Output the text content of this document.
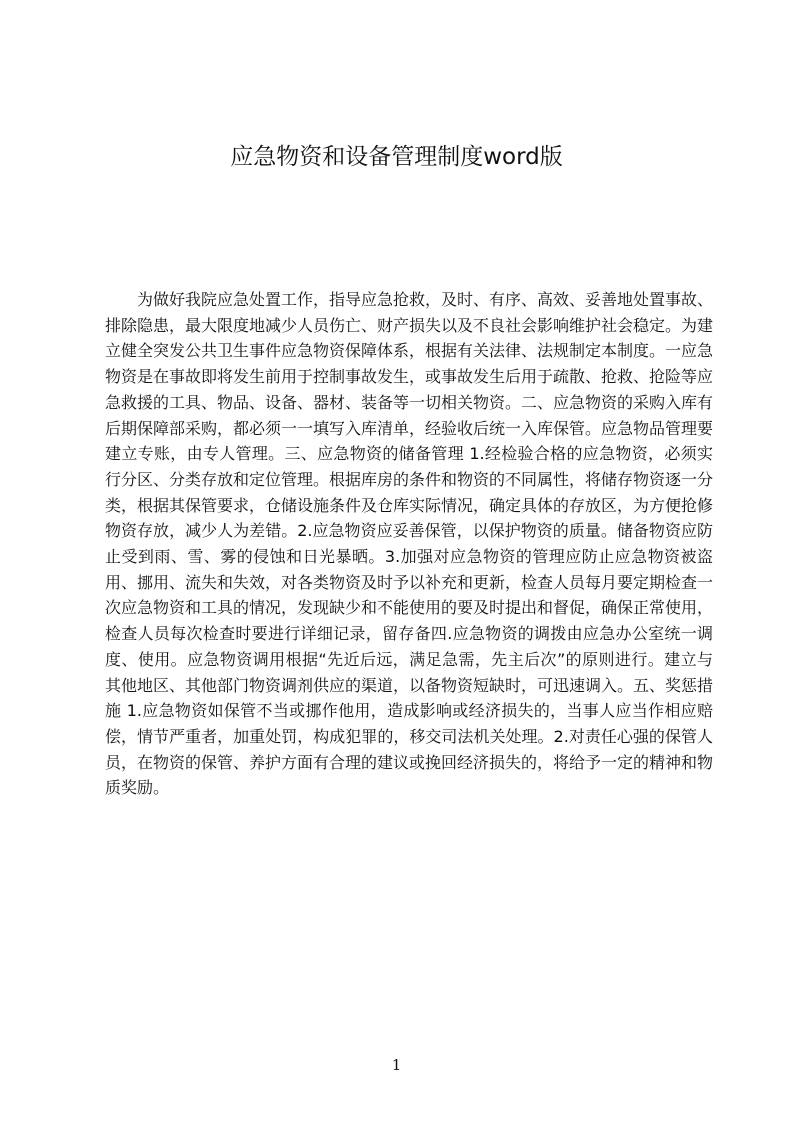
应急物资和设备管理制度word版

为做好我院应急处置工作，指导应急抢救，及时、有序、高效、妥善地处置事故、排除隐患，最大限度地减少人员伤亡、财产损失以及不良社会影响维护社会稳定。为建立健全突发公共卫生事件应急物资保障体系，根据有关法律、法规制定本制度。一应急物资是在事故即将发生前用于控制事故发生，或事故发生后用于疏散、抢救、抢险等应急救援的工具、物品、设备、器材、装备等一切相关物资。二、应急物资的采购入库有后期保障部采购，都必须一一填写入库清单，经验收后统一入库保管。应急物品管理要建立专账，由专人管理。三、应急物资的储备管理 1.经检验合格的应急物资，必须实行分区、分类存放和定位管理。根据库房的条件和物资的不同属性，将储存物资逐一分类，根据其保管要求，仓储设施条件及仓库实际情况，确定具体的存放区，为方便抢修物资存放，减少人为差错。2.应急物资应妥善保管，以保护物资的质量。储备物资应防止受到雨、雪、雾的侵蚀和日光暴晒。3.加强对应急物资的管理应防止应急物资被盗用、挪用、流失和失效，对各类物资及时予以补充和更新，检查人员每月要定期检查一次应急物资和工具的情况，发现缺少和不能使用的要及时提出和督促，确保正常使用，检查人员每次检查时要进行详细记录，留存备四.应急物资的调拨由应急办公室统一调度、使用。应急物资调用根据“先近后远，满足急需，先主后次”的原则进行。建立与其他地区、其他部门物资调剂供应的渠道，以备物资短缺时，可迅速调入。五、奖惩措施 1.应急物资如保管不当或挪作他用，造成影响或经济损失的，当事人应当作相应赔偿，情节严重者，加重处罚，构成犯罪的，移交司法机关处理。2.对责任心强的保管人员，在物资的保管、养护方面有合理的建议或挽回经济损失的，将给予一定的精神和物质奖励。

1
